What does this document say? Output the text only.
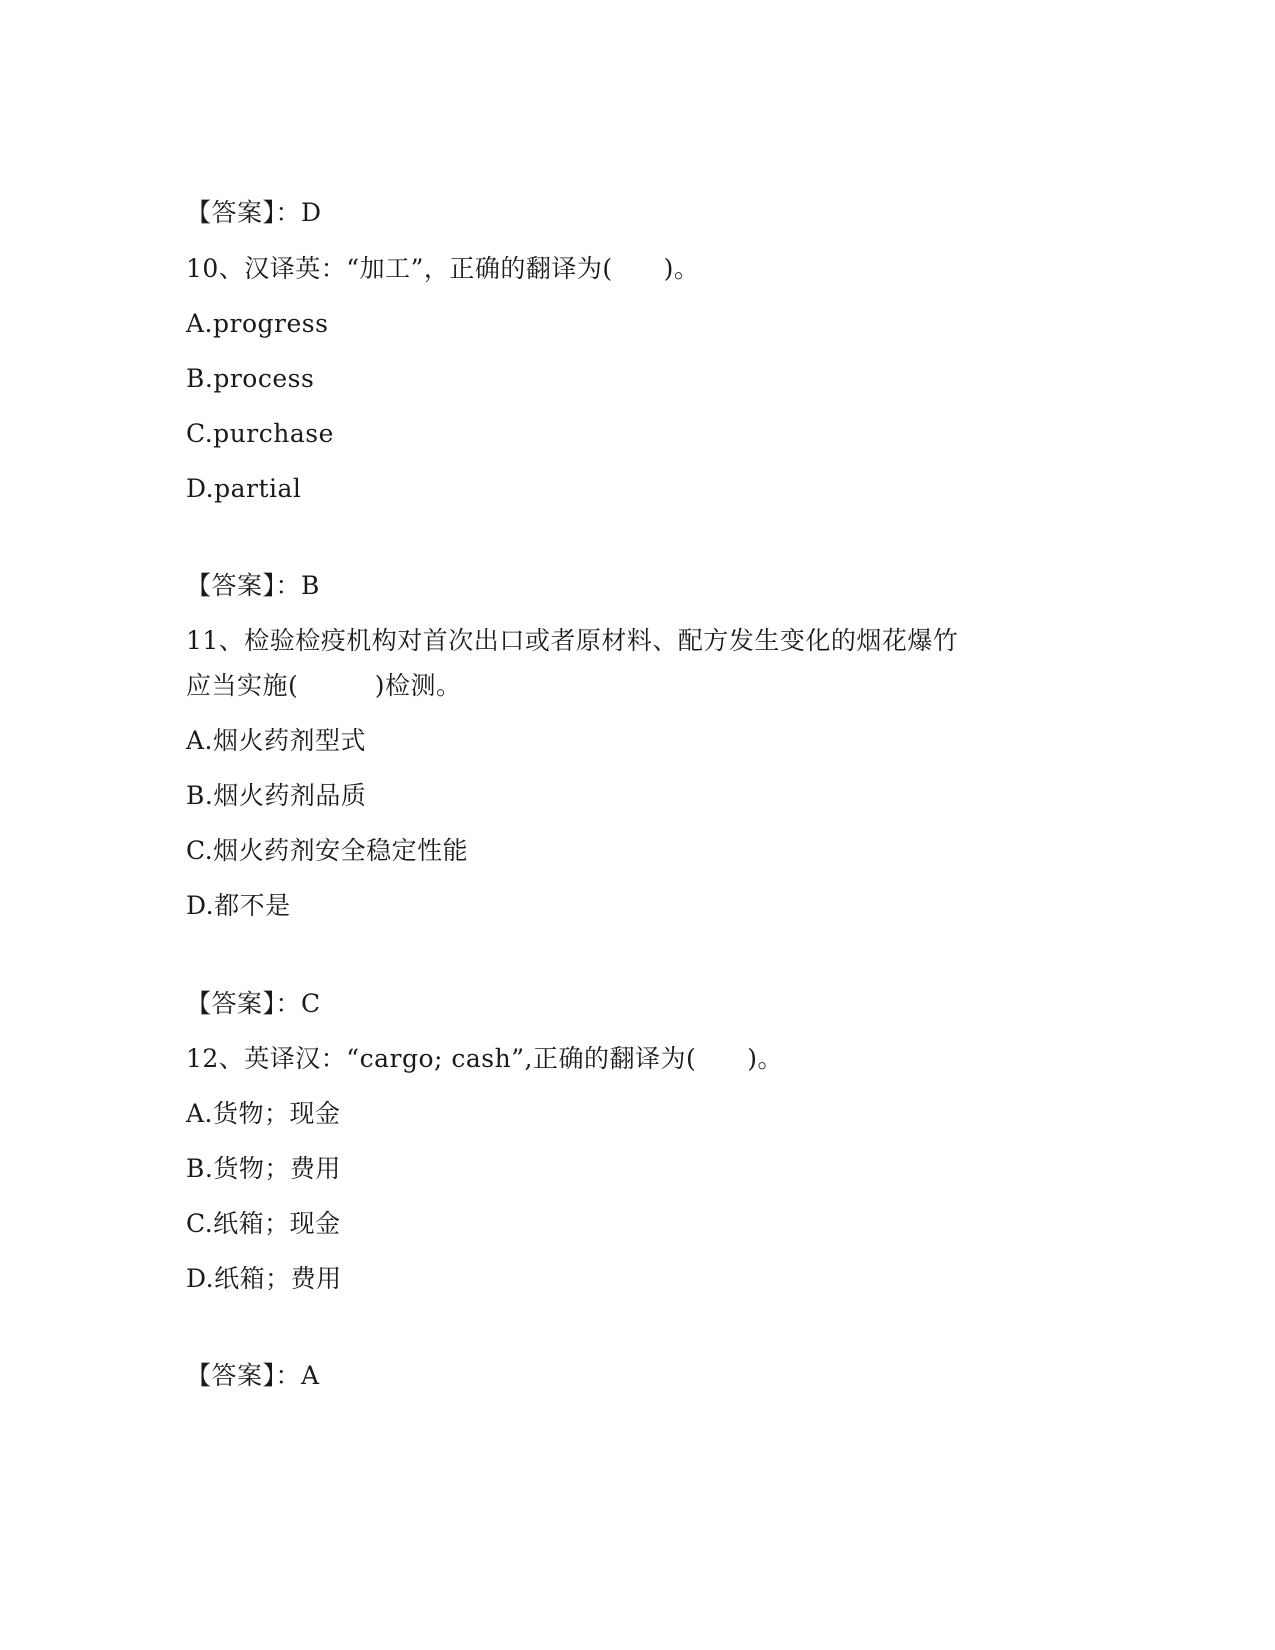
【答案】：D
10、汉译英：“加工”，正确的翻译为(　　)。
A.progress
B.process
C.purchase
D.partial
【答案】：B
11、检验检疫机构对首次出口或者原材料、配方发生变化的烟花爆竹
应当实施(　　　)检测。
A.烟火药剂型式
B.烟火药剂品质
C.烟火药剂安全稳定性能
D.都不是
【答案】：C
12、英译汉：“cargo; cash”,正确的翻译为(　　)。
A.货物；现金
B.货物；费用
C.纸箱；现金
D.纸箱；费用
【答案】：A
